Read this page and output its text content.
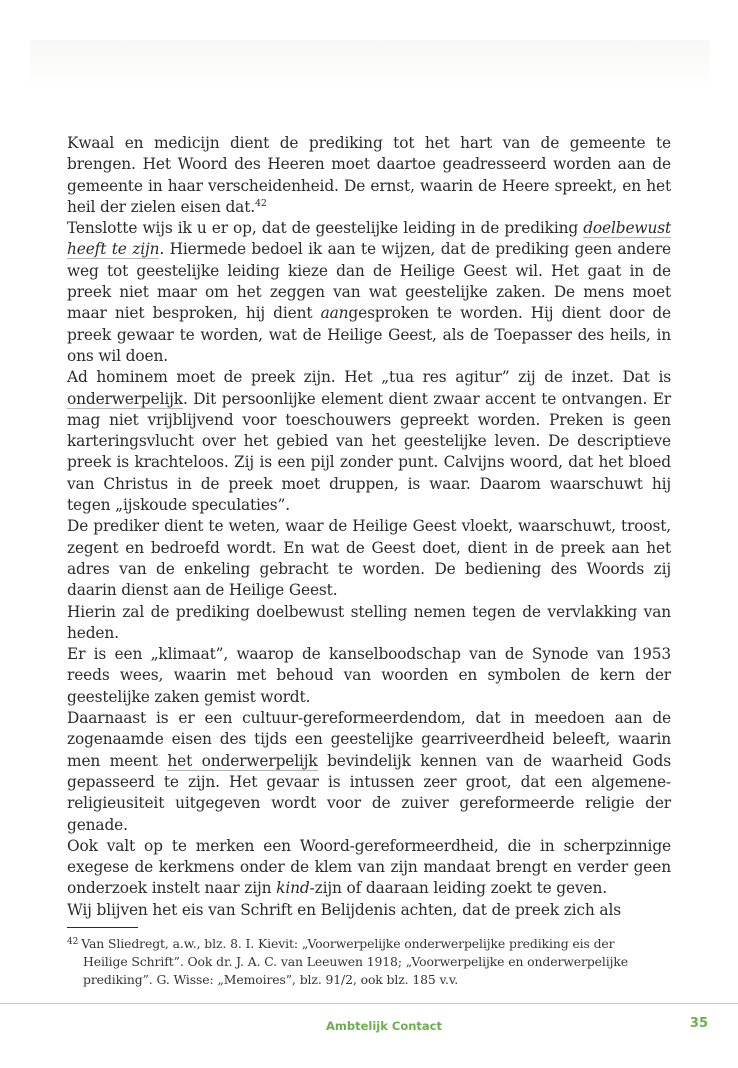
Kwaal en medicijn dient de prediking tot het hart van de gemeente te brengen. Het Woord des Heeren moet daartoe geadresseerd worden aan de gemeente in haar verscheidenheid. De ernst, waarin de Heere spreekt, en het heil der zielen eisen dat.$^{42}$

Tenslotte wijs ik u er op, dat de geestelijke leiding in de prediking doelbewust heeft te zijn. Hiermede bedoel ik aan te wijzen, dat de prediking geen andere weg tot geestelijke leiding kieze dan de Heilige Geest wil. Het gaat in de preek niet maar om het zeggen van wat geestelijke zaken. De mens moet maar niet besproken, hij dient aangesproken te worden. Hij dient door de preek gewaar te worden, wat de Heilige Geest, als de Toepasser des heils, in ons wil doen.

Ad hominem moet de preek zijn. Het „tua res agitur” zij de inzet. Dat is onderwerpelijk. Dit persoonlijke element dient zwaar accent te ontvangen. Er mag niet vrijblijvend voor toeschouwers gepreekt worden. Preken is geen karteringsvlucht over het gebied van het geestelijke leven. De descriptieve preek is krachteloos. Zij is een pijl zonder punt. Calvijns woord, dat het bloed van Christus in de preek moet druppen, is waar. Daarom waarschuwt hij tegen „ijskoude speculaties”.

De prediker dient te weten, waar de Heilige Geest vloekt, waarschuwt, troost, zegent en bedroefd wordt. En wat de Geest doet, dient in de preek aan het adres van de enkeling gebracht te worden. De bediening des Woords zij daarin dienst aan de Heilige Geest.

Hierin zal de prediking doelbewust stelling nemen tegen de vervlakking van heden.

Er is een „klimaat”, waarop de kanselboodschap van de Synode van 1953 reeds wees, waarin met behoud van woorden en symbolen de kern der geestelijke zaken gemist wordt.

Daarnaast is er een cultuur-gereformeerdendom, dat in meedoen aan de zogenaamde eisen des tijds een geestelijke gearriveerdheid beleeft, waarin men meent het onderwerpelijk bevindelijk kennen van de waarheid Gods gepasseerd te zijn. Het gevaar is intussen zeer groot, dat een algemene-religieusiteit uitgegeven wordt voor de zuiver gereformeerde religie der genade.

Ook valt op te merken een Woord-gereformeerdheid, die in scherpzinnige exegese de kerkmens onder de klem van zijn mandaat brengt en verder geen onderzoek instelt naar zijn kind-zijn of daaraan leiding zoekt te geven.

Wij blijven het eis van Schrift en Belijdenis achten, dat de preek zich als

$^{42}$ Van Sliedregt, a.w., blz. 8. I. Kievit: „Voorwerpelijke onderwerpelijke prediking eis der
Heilige Schrift”. Ook dr. J. A. C. van Leeuwen 1918; „Voorwerpelijke en onderwerpelijke
prediking”. G. Wisse: „Memoires”, blz. 91/2, ook blz. 185 v.v.
Ambtelijk Contact	35
